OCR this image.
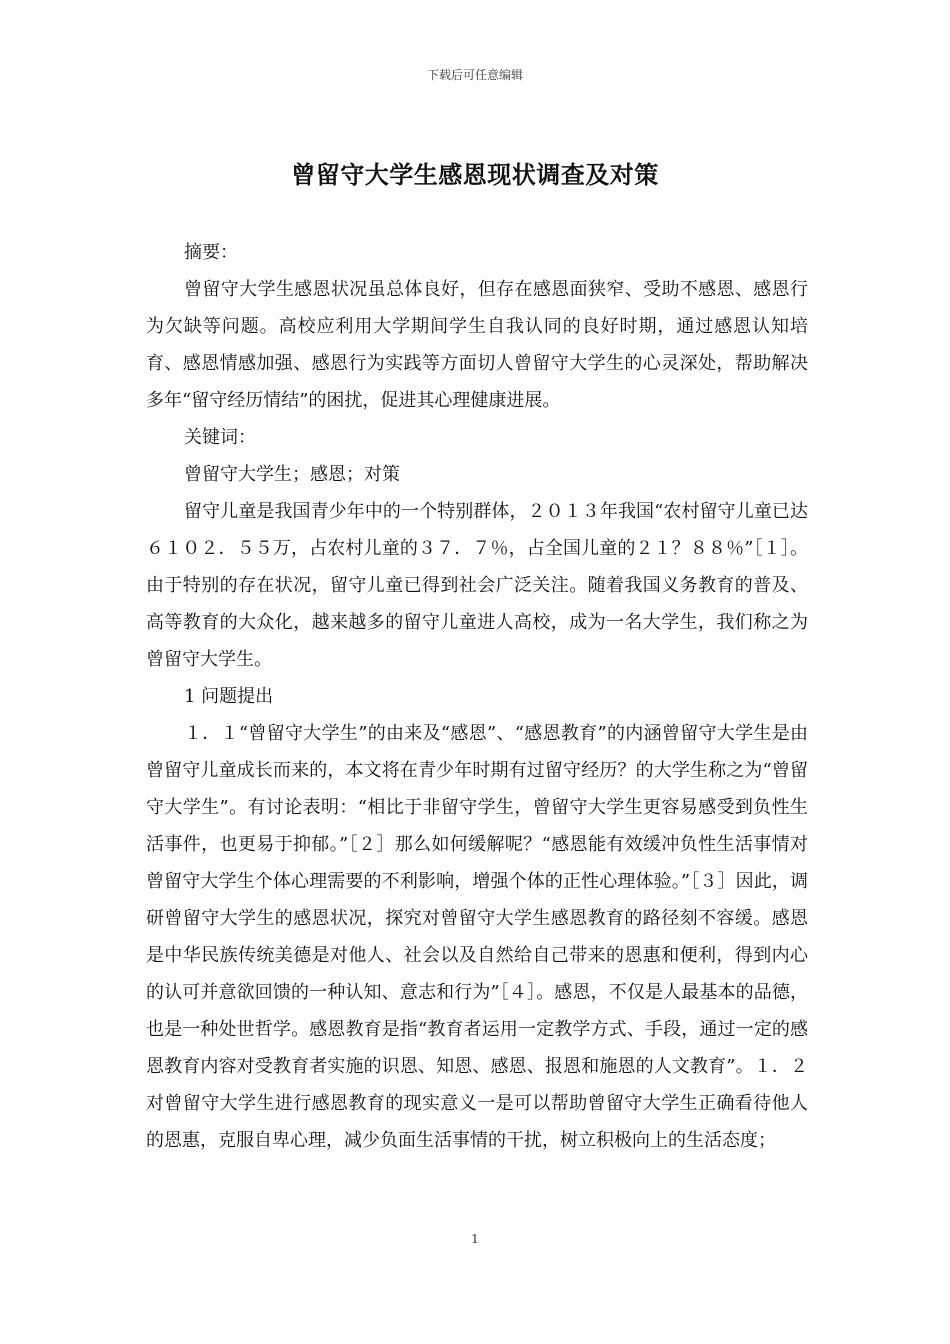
下载后可任意编辑
曾留守大学生感恩现状调查及对策

摘要：

曾留守大学生感恩状况虽总体良好，但存在感恩面狭窄、受助不感恩、感恩行为欠缺等问题。高校应利用大学期间学生自我认同的良好时期，通过感恩认知培育、感恩情感加强、感恩行为实践等方面切人曾留守大学生的心灵深处，帮助解决多年“留守经历情结”的困扰，促进其心理健康进展。

关键词：

曾留守大学生；感恩；对策

留守儿童是我国青少年中的一个特别群体，２０１３年我国“农村留守儿童已达６１０２．５５万，占农村儿童的３７．７％，占全国儿童的２１？８８％”［１］。由于特别的存在状况，留守儿童已得到社会广泛关注。随着我国义务教育的普及、高等教育的大众化，越来越多的留守儿童进人高校，成为一名大学生，我们称之为曾留守大学生。

1 问题提出

１．１“曾留守大学生”的由来及“感恩”、“感恩教育”的内涵曾留守大学生是由曾留守儿童成长而来的，本文将在青少年时期有过留守经历？的大学生称之为“曾留守大学生”。有讨论表明：“相比于非留守学生，曾留守大学生更容易感受到负性生活事件，也更易于抑郁。”［２］那么如何缓解呢？“感恩能有效缓冲负性生活事情对曾留守大学生个体心理需要的不利影响，增强个体的正性心理体验。”［３］因此，调研曾留守大学生的感恩状况，探究对曾留守大学生感恩教育的路径刻不容缓。感恩是中华民族传统美德是对他人、社会以及自然给自己带来的恩惠和便利，得到内心的认可并意欲回馈的一种认知、意志和行为”［４］。感恩，不仅是人最基本的品德，也是一种处世哲学。感恩教育是指“教育者运用一定教学方式、手段，通过一定的感恩教育内容对受教育者实施的识恩、知恩、感恩、报恩和施恩的人文教育”。１．２对曾留守大学生进行感恩教育的现实意义一是可以帮助曾留守大学生正确看待他人的恩惠，克服自卑心理，减少负面生活事情的干扰，树立积极向上的生活态度；

1
